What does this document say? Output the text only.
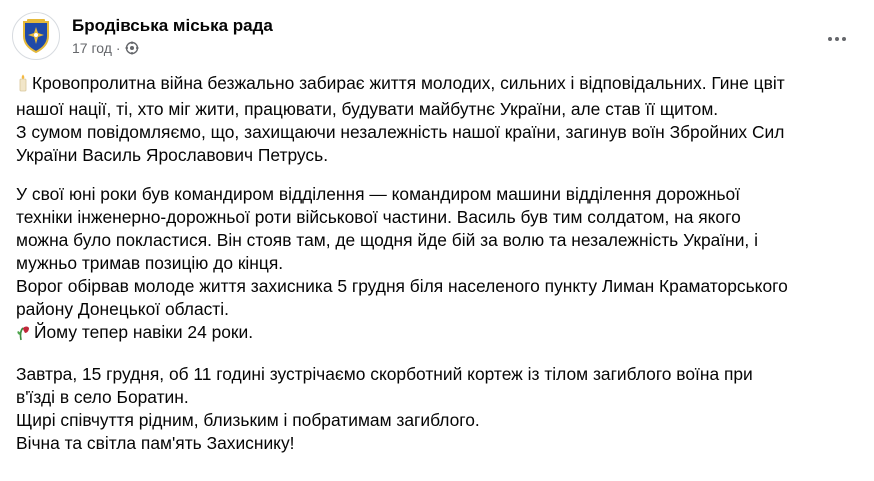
Бродівська міська рада
17 год ·
Кровопролитна війна безжально забирає життя молодих, сильних і відповідальних. Гине цвіт
нашої нації, ті, хто міг жити, працювати, будувати майбутнє України, але став її щитом.
З сумом повідомляємо, що, захищаючи незалежність нашої країни, загинув воїн Збройних Сил
України Василь Ярославович Петрусь.
У свої юні роки був командиром відділення — командиром машини відділення дорожньої
техніки інженерно-дорожньої роти військової частини. Василь був тим солдатом, на якого
можна було покластися. Він стояв там, де щодня йде бій за волю та незалежність України, і
мужньо тримав позицію до кінця.
Ворог обірвав молоде життя захисника 5 грудня біля населеного пункту Лиман Краматорського
району Донецької області.
Йому тепер навіки 24 роки.
Завтра, 15 грудня, об 11 годині зустрічаємо скорботний кортеж із тілом загиблого воїна при
в'їзді в село Боратин.
Щирі співчуття рідним, близьким і побратимам загиблого.
Вічна та світла пам'ять Захиснику!
